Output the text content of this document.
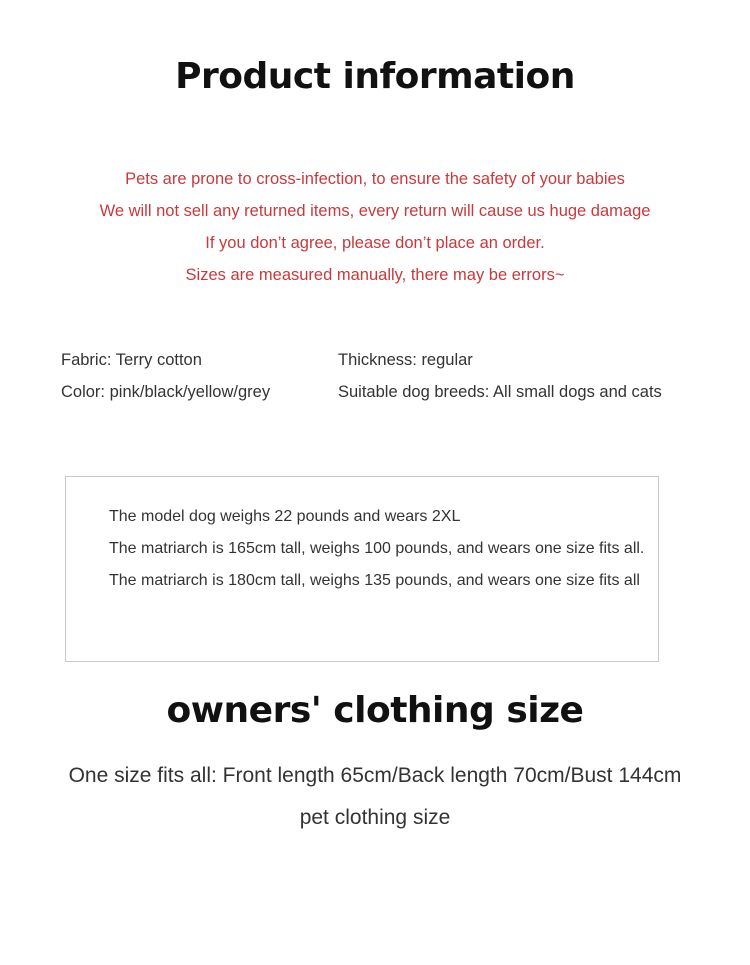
Product information
Pets are prone to cross-infection, to ensure the safety of your babies
We will not sell any returned items, every return will cause us huge damage
If you don’t agree, please don’t place an order.
Sizes are measured manually, there may be errors~
Fabric: Terry cotton
Color: pink/black/yellow/grey
Thickness: regular
Suitable dog breeds: All small dogs and cats
The model dog weighs 22 pounds and wears 2XL
The matriarch is 165cm tall, weighs 100 pounds, and wears one size fits all.
The matriarch is 180cm tall, weighs 135 pounds, and wears one size fits all
owners' clothing size
One size fits all: Front length 65cm/Back length 70cm/Bust 144cm
pet clothing size
